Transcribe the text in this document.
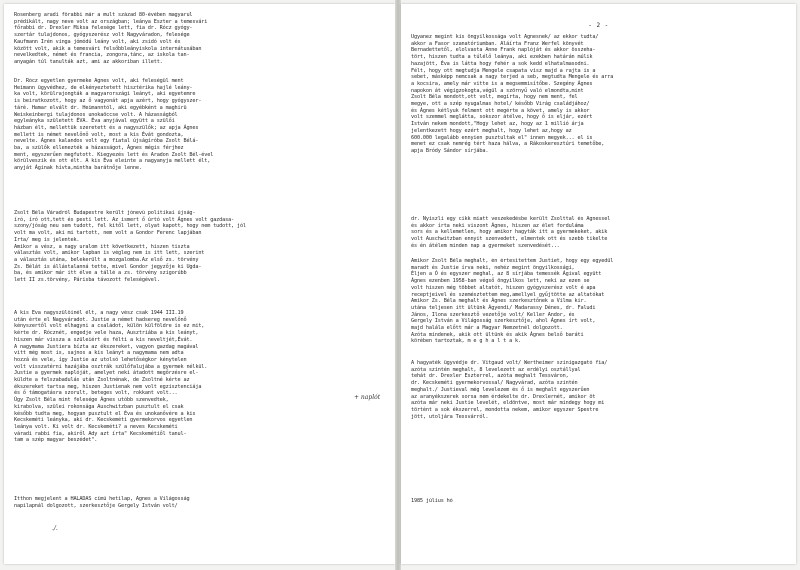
Rosenberg aradi főrabbi már a mult század 80-évében magyarul
prédikált, nagy neve volt az országban; leánya Eszter a temesvári
főrabbi dr. Drexler Miksa felesége lett, fia dr. Rócz gyógy-
szertár tulajdonos, gyógyszerész volt Nagyváradon, felesége
Kaufmann Irén vinga jómódú leány volt, aki zsidó volt és
között volt, akik a temesvári felsőbbleányiskola internátusában
nevelkedtek, német és francia, zongora,tánc, az iskola tan-
anyagán túl tanulták azt, ami az akkoriban illett.

Dr. Rócz egyetlen gyermeke Ágnes volt, aki feleségül ment
Heimann ügyvédhez, de elkényeztetett hisztérika hajlé leány-
ka volt, körülrajongták a magyarországi leányt, aki egyetemre
is beiratkozott, hogy az ő vagyonát apja azért, hogy gyógyszer-
táré. Hamar elvált dr. Heimanntól, aki egyébként a maghirü
Weiskeinbergi tulajdonos unokaöccse volt. A házasságból
egyleányka született ÉVA. Éva anyjával együtt a szülői
házban élt, mellettük szeretett és a nagyszülők; az apja Ágnes
mellett is német nevelőnő volt, most a kis Évát gondozta,
nevelte. Ágnes kalandos volt egy fiatal újságíróba Zsolt Bélá-
ba, a szülők ellenezték a házasságot, Ágnes mégis férjhez
ment, egyszerűen megfutott. Kiegyezés lett és Aradon Zsolt Bél-ével
körülveszik és ott élt. A kis Éva eleinte a nagyanyja mellett élt,
anyját Áginak hívta,mintha barátnője lenne.

Zsolt Béla Váradról Budapestre került jónevű politikai újság-
író, író ott,tett és pesti lett. Az ismert ő úrtó volt Ágnes volt gazdasa-
szony/jóság neu sem tudott, fel kitől lett, olyat kapott, hogy nem tudott, jól
volt ma volt, aki mi tartott, nem volt a Gondor Ferenc lapjában
Irta/ meg is jelentek.
Amikor a vész, a nagy uralom itt következett, hiszen tiszta
választás volt, amikor lapban is végleg nem is itt lett, szerint
a választás utána, belekerült a mozgalomba.Az első zs. törvény
Zs. Bélát is állástalanná tette, mivel Gondor jegyzője ki Ugda-
ba, és amikor már itt élve a tállé a zs. törvény szigorúbb
lett II zs.törvény, Párisba távozott feleségével.

A kis Éva nagyszülőinél élt, a nagy vész csak 1944 III.19
után érte el Nagyváradot. Justie a német hadsereg nevelőnő
kényszertől volt elhagyni a családot, külön külföldre is ez mit,
kérte dr. Rócznét, engedje vele haza, Ausztriába a kis leányt,
hiszen már vissza a szüleiért és félti a kis neveltjét,Évát.
A nagymama Justiera bízta az ékszereket, vagyon gazdag magával
vitt még most is, sajnos a kis leányt a nagymama nem adta
hozzá és vele, így Justie az utolsó lehetőségkor kénytelen
volt visszatérni hazájába osztrák szülőfalujába a gyermek nélkül.
Justie a gyermek naplóját, amelyet neki átadott megőrzésre el-
küldte a felszabadulás után Zsoltnénak, de Zsoltné kérte az
ékszereket tartsa meg, hiszen Justienak nem volt egzisztenciája
és ő támogatásra szorult, beteges volt, rokkant volt...
Úgy Zsolt Béla mint felesége Ágnes utóbb szenvedtek,
kirabolva, szülei rokonsága Auschwitzban pusztult el csak
később tudta meg, hogyan pusztult el Éva és unokanővére a kis
Kecskeméti leányka, aki dr. Kecskeméti gyermekorvos egyetlen
leánya volt. Ki volt dr. Kecskeméti? a neves Kecskeméti
váradi rabbi fia, akiről Ady azt írta" Kecskemétiől tanul-
tam a szép magyar beszédet".

Itthon megjelent a HALADÁS című hetilap, Ágnes a Világosság
napilapnál dolgozott, szerkesztője Gergely István volt/

./.
+ naplót
- 2 -

Ugyanez megint kis öngyilkossága volt Ágnesnek/ az ekkor tudta/
akkor a Fasor szanatóriumban. Aláírta Franz Werfel könyvét
Bernadettetől, elolvasta Anne Frank naplóját és akkor összeha-
tört, hiszen tudta a túlélő leánya, aki ezekben határán múlik
hazajött, Éva is látta hogy fehér a sok kedd elhatalmasodni.
Félt, hogy ott megtudja Mengele csapata visz majd a rajta is a
sebet, másképp nemcsak a nagy terjed a seb, megtudta Mengele és arra
a kocsira, amely már vitte is a megsemmisítőbe. Szegény Ágnes
napokon át végigzokogta,végül a szörnyű való elmondta,mint
Zsolt Béla mondott,ott volt, megírta, hogy nem ment, fel
megye, ott a szép nyugalmas hotel/ később Virág családjához/
és Ágnes kétlyuk felment ott megérte a követ, amely is akkor
volt szemmel meglátta, sokszor átélve, hogy ő is eljár, ezért
István nekem mondott,"Hogy lehet az, hogy az 1 millió árja
jelentkezett hogy ezért meghalt, hogy lehet az,hogy az
600.000 legalább ennyien pusztultak el" innen megyek... el is
menet ez csak nemrég tért haza hálva, a Rákoskeresztúri temetőbe,
apja Bródy Sándor sírjába.

dr. Nyiszli egy cikk miatt veszekedésbe került Zsolttal és Ágnessel
és akkor írta neki viszont Ágnes, hiszen az élet forduláma
sors és a kellemetlen, hogy amikor hagyták itt a gyermekeket, akik
volt Auschwitzban ennyit szenvedett, elmentek ott és szebb tikelte
és én átélem minden nap a gyermeket szenvedését...

Amikor Zsolt Béla meghalt, én értesítettem Justiet, hogy egy egyedül
maradt és Justie írva neki, nehéz megint öngyilkossági,
Éljen a Ó és egyszer meghal, az 8 sírjába temessék Ágival együtt
Ágnes ezenben 1958-ban végső öngyilkos lett, neki az ezen se
volt hiszen még többet altatót, hiszen gyógyszerész volt é apa
receptjeivel és szemésztettem meg,amellyel gyűjtötte az altatókat
Amikor Zs. Béla meghalt és Ágnes szerkesztőnek a Vilma kir.
utána teljesen itt ültünk Ágyendi/ Madarassy Dénes, dr. Faludi
János, Ilona szerkesztő vezetője volt/ Keller Andor, és
Gergely István a Világosság szerkesztője, ahol Ágnes írt volt,
majd halála előtt már a Magyar Nemzetnél dolgozott.
Azóta mindenek, akik ott ültünk és akik Ágnes belső baráti
körében tartoztak, m e g h a l t a k.

A hagyaték ügyvédje dr. Vitgaud volt/ Wertheimer színigazgató fia/
azóta szintén meghalt, 8 levelezett az erdélyi osztállyal
tehát dr. Drexler Eszterrel, azóta meghalt Tessváron,
dr. Kecskeméti gyermekorvossal/ Nagyvárad, azóta szintén
meghalt./ Justieval még levelezem és ő is meghalt egyszerűen
az aranyékszerek sorsa nem érdekelte dr. Drexlernét, amikor öt
azóta már neki Justie levelét, eldöntve, most már mindegy hogy mi
történt a sok ékszerrel, mondotta nekem, amikor egyszer Spestre
jött, utoljára Tessvárról.

1985 július hó
